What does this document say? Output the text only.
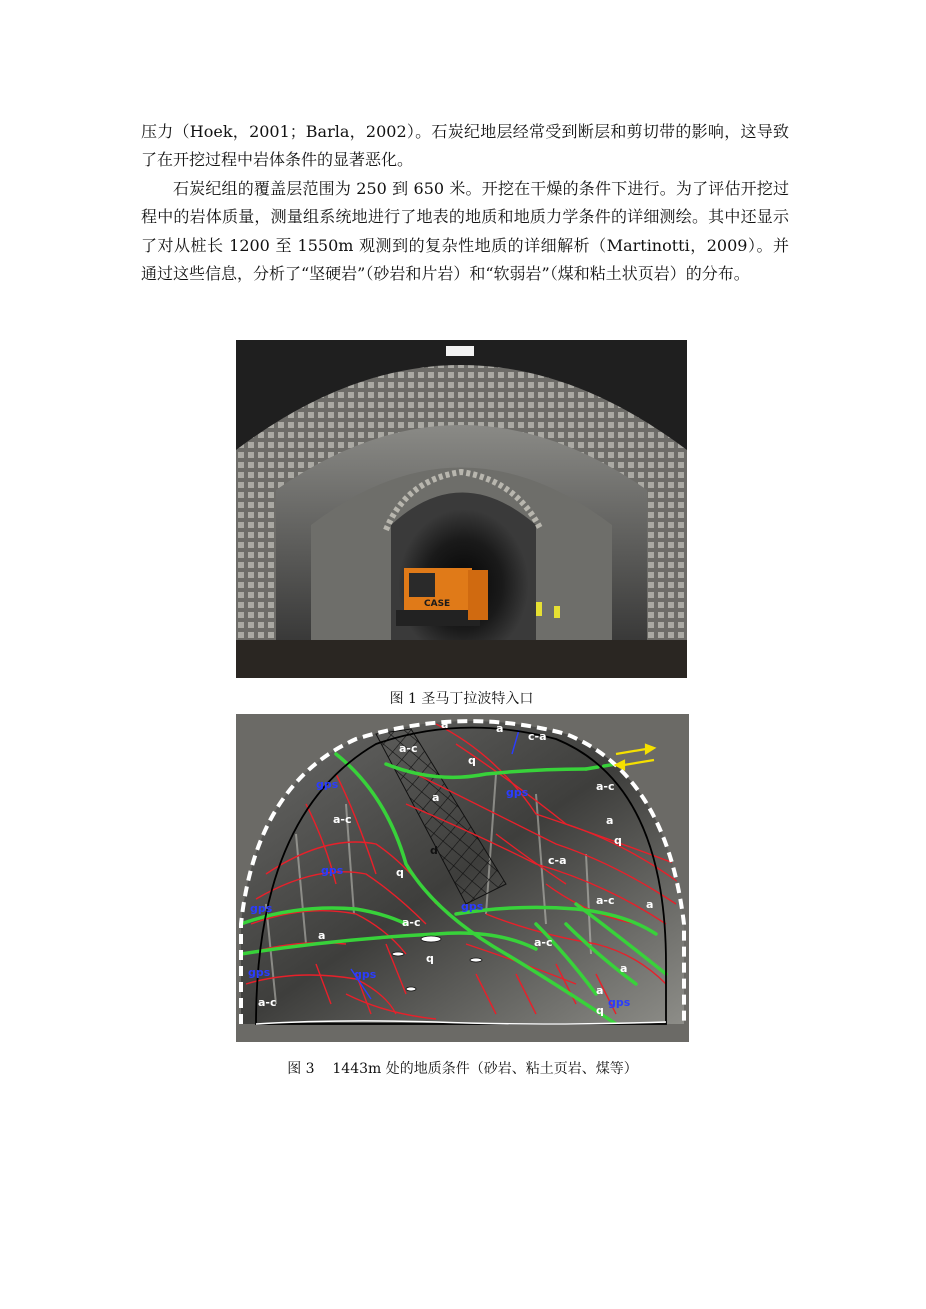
压力（Hoek，2001；Barla，2002）。石炭纪地层经常受到断层和剪切带的影响，这导致了在开挖过程中岩体条件的显著恶化。

石炭纪组的覆盖层范围为 250 到 650 米。开挖在干燥的条件下进行。为了评估开挖过程中的岩体质量，测量组系统地进行了地表的地质和地质力学条件的详细测绘。其中还显示了对从桩长 1200 至 1550m 观测到的复杂性地质的详细解析（Martinotti，2009）。并通过这些信息，分析了“坚硬岩”（砂岩和片岩）和“软弱岩”（煤和粘土状页岩）的分布。

CASE
图 1 圣马丁拉波特入口
a	a
a-c
c-a
q
gps
gps
a
a-c
a-c	a
q
d
c-a
gps	q
gps
a-c
gps	a
a-c
a
a
a-c
q
gps	gps
a-c
a
gps
q
图 3    1443m 处的地质条件（砂岩、粘土页岩、煤等）
